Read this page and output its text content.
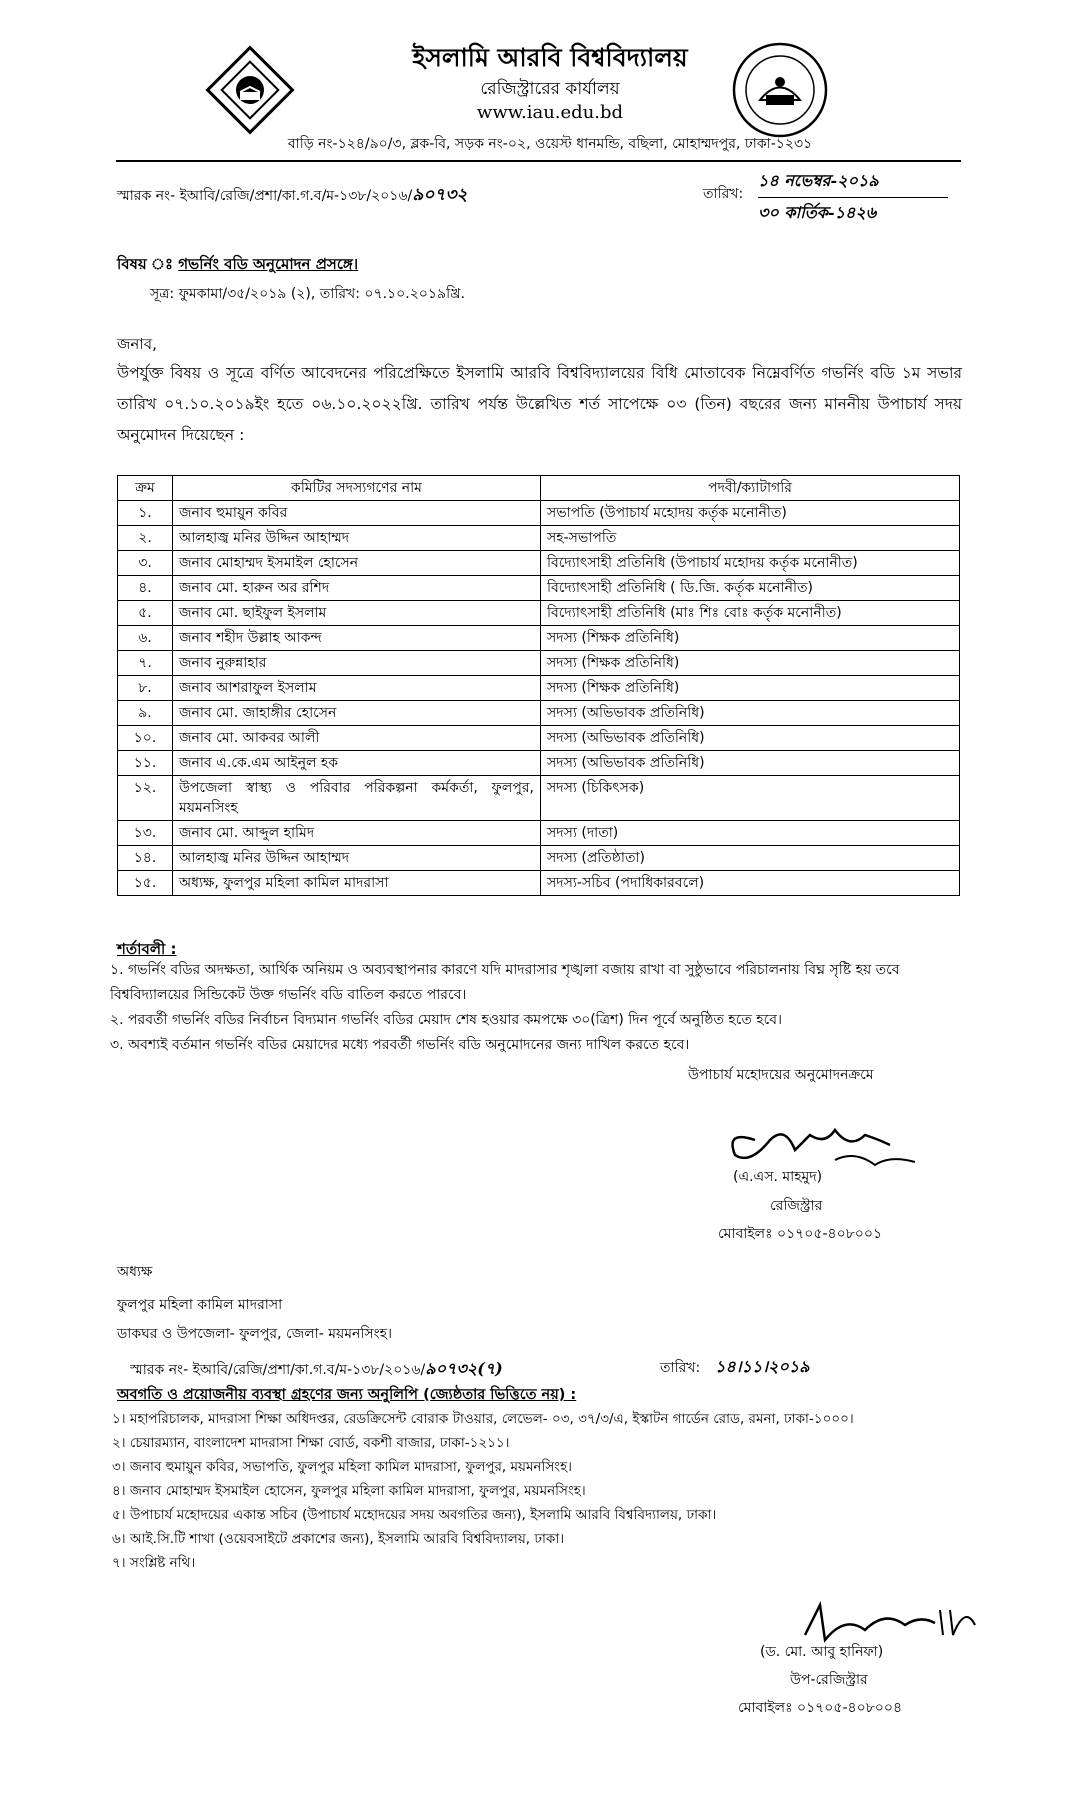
ইসলামি আরবি বিশ্ববিদ্যালয়
রেজিস্ট্রারের কার্যালয়
www.iau.edu.bd
বাড়ি নং-১২৪/৯০/৩, ব্লক-বি, সড়ক নং-০২, ওয়েস্ট ধানমন্ডি, বছিলা, মোহাম্মদপুর, ঢাকা-১২৩১
স্মারক নং- ইআবি/রেজি/প্রশা/কা.গ.ব/ম-১৩৮/২০১৬/৯০৭৩২	তারিখ:
১৪ নভেম্বর-২০১৯
৩০ কার্তিক-১৪২৬
বিষয় ঃ গভর্নিং বডি অনুমোদন প্রসঙ্গে।
সূত্র: ফুমকামা/৩৫/২০১৯ (২), তারিখ: ০৭.১০.২০১৯খ্রি.
জনাব,
উপর্যুক্ত বিষয় ও সূত্রে বর্ণিত আবেদনের পরিপ্রেক্ষিতে ইসলামি আরবি বিশ্ববিদ্যালয়ের বিধি মোতাবেক নিম্নেবর্ণিত গভর্নিং বডি ১ম সভার তারিখ ০৭.১০.২০১৯ইং হতে ০৬.১০.২০২২খ্রি. তারিখ পর্যন্ত উল্লেখিত শর্ত সাপেক্ষে ০৩ (তিন) বছরের জন্য মাননীয় উপাচার্য সদয় অনুমোদন দিয়েছেন :
ক্রম	কমিটির সদস্যগণের নাম	পদবী/ক্যাটাগরি
১.	জনাব হুমায়ুন কবির	সভাপতি (উপাচার্য মহোদয় কর্তৃক মনোনীত)
২.	আলহাজ্ব মনির উদ্দিন আহাম্মদ	সহ-সভাপতি
৩.	জনাব মোহাম্মদ ইসমাইল হোসেন	বিদ্যোৎসাহী প্রতিনিধি (উপাচার্য মহোদয় কর্তৃক মনোনীত)
৪.	জনাব মো. হারুন অর রশিদ	বিদ্যোৎসাহী প্রতিনিধি ( ডি.জি. কর্তৃক মনোনীত)
৫.	জনাব মো. ছাইফুল ইসলাম	বিদ্যোৎসাহী প্রতিনিধি (মাঃ শিঃ বোঃ কর্তৃক মনোনীত)
৬.	জনাব শহীদ উল্লাহ আকন্দ	সদস্য (শিক্ষক প্রতিনিধি)
৭.	জনাব নুরুন্নাহার	সদস্য (শিক্ষক প্রতিনিধি)
৮.	জনাব আশরাফুল ইসলাম	সদস্য (শিক্ষক প্রতিনিধি)
৯.	জনাব মো. জাহাঙ্গীর হোসেন	সদস্য (অভিভাবক প্রতিনিধি)
১০.	জনাব মো. আকবর আলী	সদস্য (অভিভাবক প্রতিনিধি)
১১.	জনাব এ.কে.এম আইনুল হক	সদস্য (অভিভাবক প্রতিনিধি)
১২.	উপজেলা স্বাস্থ্য ও পরিবার পরিকল্পনা কর্মকর্তা, ফুলপুর, ময়মনসিংহ	সদস্য (চিকিৎসক)
১৩.	জনাব মো. আব্দুল হামিদ	সদস্য (দাতা)
১৪.	আলহাজ্ব মনির উদ্দিন আহাম্মদ	সদস্য (প্রতিষ্ঠাতা)
১৫.	অধ্যক্ষ, ফুলপুর মহিলা কামিল মাদরাসা	সদস্য-সচিব (পদাধিকারবলে)
শর্তাবলী :
১. গভর্নিং বডির অদক্ষতা, আর্থিক অনিয়ম ও অব্যবস্থাপনার কারণে যদি মাদরাসার শৃঙ্খলা বজায় রাখা বা সুষ্ঠুভাবে পরিচালনায় বিঘ্ন সৃষ্টি হয় তবে বিশ্ববিদ্যালয়ের সিন্ডিকেট উক্ত গভর্নিং বডি বাতিল করতে পারবে।
২. পরবর্তী গভর্নিং বডির নির্বাচন বিদ্যমান গভর্নিং বডির মেয়াদ শেষ হওয়ার কমপক্ষে ৩০(ত্রিশ) দিন পূর্বে অনুষ্ঠিত হতে হবে।
৩. অবশ্যই বর্তমান গভর্নিং বডির মেয়াদের মধ্যে পরবর্তী গভর্নিং বডি অনুমোদনের জন্য দাখিল করতে হবে।
উপাচার্য মহোদয়ের অনুমোদনক্রমে
(এ.এস. মাহমুদ)
রেজিস্ট্রার
মোবাইলঃ ০১৭০৫-৪০৮০০১
অধ্যক্ষ
ফুলপুর মহিলা কামিল মাদরাসা
ডাকঘর ও উপজেলা- ফুলপুর, জেলা- ময়মনসিংহ।
স্মারক নং- ইআবি/রেজি/প্রশা/কা.গ.ব/ম-১৩৮/২০১৬/৯০৭৩২(৭)	তারিখ: ১৪।১১।২০১৯
অবগতি ও প্রয়োজনীয় ব্যবস্থা গ্রহণের জন্য অনুলিপি (জ্যেষ্ঠতার ভিত্তিতে নয়) :
১। মহাপরিচালক, মাদরাসা শিক্ষা অধিদপ্তর, রেডক্রিসেন্ট বোরাক টাওয়ার, লেভেল- ০৩, ৩৭/৩/এ, ইস্কাটন গার্ডেন রোড, রমনা, ঢাকা-১০০০।
২। চেয়ারম্যান, বাংলাদেশ মাদরাসা শিক্ষা বোর্ড, বকশী বাজার, ঢাকা-১২১১।
৩। জনাব হুমায়ুন কবির, সভাপতি, ফুলপুর মহিলা কামিল মাদরাসা, ফুলপুর, ময়মনসিংহ।
৪। জনাব মোহাম্মদ ইসমাইল হোসেন, ফুলপুর মহিলা কামিল মাদরাসা, ফুলপুর, ময়মনসিংহ।
৫। উপাচার্য মহোদয়ের একান্ত সচিব (উপাচার্য মহোদয়ের সদয় অবগতির জন্য), ইসলামি আরবি বিশ্ববিদ্যালয়, ঢাকা।
৬। আই.সি.টি শাখা (ওয়েবসাইটে প্রকাশের জন্য), ইসলামি আরবি বিশ্ববিদ্যালয়, ঢাকা।
৭। সংশ্লিষ্ট নথি।
(ড. মো. আবু হানিফা)
উপ-রেজিস্ট্রার
মোবাইলঃ ০১৭০৫-৪০৮০০৪
